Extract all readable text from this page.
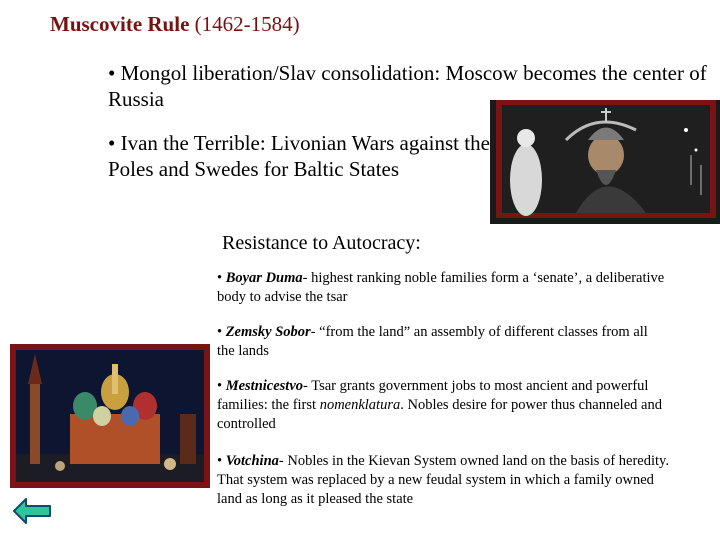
Muscovite Rule (1462-1584)
• Mongol liberation/Slav consolidation: Moscow becomes the center of Russia
• Ivan the Terrible: Livonian Wars against the Poles and Swedes for Baltic States
Resistance to Autocracy:
• Boyar Duma- highest ranking noble families form a ‘senate’, a deliberative body to advise the tsar
• Zemsky Sobor- “from the land” an assembly of different classes from all the lands
• Mestnicestvo- Tsar grants government jobs to most ancient and powerful families: the first nomenklatura. Nobles desire for power thus channeled and controlled
• Votchina- Nobles in the Kievan System owned land on the basis of heredity. That system was replaced by a new feudal system in which a family owned land as long as it pleased the state
